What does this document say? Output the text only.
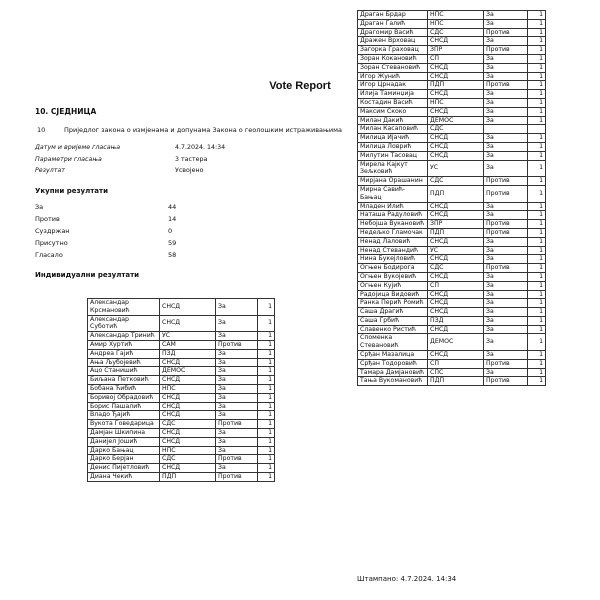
Vote Report
10. СЈЕДНИЦА
10	Приједлог закона о измјенама и допунама Закона о геолошким истраживањима
Датум и вријеме гласања	4.7.2024. 14:34
Параметри гласања	3 тастера
Резултат	Усвојено
Укупни резултати
За	44
Против	14
Суздржан	0
Присутно	59
Гласало	58
Индивидуални резултати
Александар Крсмановић	СНСД	За	1
Александар Суботић	СНСД	За	1
Александар Тринић	УС	За	1
Амир Хуртић	САМ	Против	1
Андреа Гајић	ПЗД	За	1
Ања Љубојевић	СНСД	За	1
Ацо Станишић	ДЕМОС	За	1
Биљана Петковић	СНСД	За	1
Бобана Ћибић	НПС	За	1
Боривој Обрадовић	СНСД	За	1
Борис Пашалић	СНСД	За	1
Владо Ђајић	СНСД	За	1
Вукота Говедарица	СДС	Против	1
Дамјан Шкипина	СНСД	За	1
Данијел Јошић	СНСД	За	1
Дарко Бањац	НПС	За	1
Дарко Берјан	СДС	Против	1
Денис Пијетловић	СНСД	За	1
Диана Чекић	ПДП	Против	1
Драган Брдар	НПС	За	1
Драган Галић	НПС	За	1
Драгомир Васић	СДС	Против	1
Дражен Врховац	СНСД	За	1
Загорка Граховац	ЗПР	Против	1
Зоран Кокановић	СП	За	1
Зоран Стевановић	СНСД	За	1
Игор Жунић	СНСД	За	1
Игор Црнадак	ПДП	Против	1
Илија Таминџија	СНСД	За	1
Костадин Васић	НПС	За	1
Максим Скоко	СНСД	За	1
Милан Дакић	ДЕМОС	За	1
Милан Касаповић	СДС		
Милица Ијачић	СНСД	За	1
Милица Ловрић	СНСД	За	1
Милутин Тасовац	СНСД	За	1
Мирела Кајкут Зељковић	УС	За	1
Мирјана Орашанин	СДС	Против	1
Мирна Савић-Бањац	ПДП	Против	1
Младен Илић	СНСД	За	1
Наташа Радуловић	СНСД	За	1
Небојша Вукановић	ЗПР	Против	1
Недељко Гламочак	ПДП	Против	1
Ненад Лаловић	СНСД	За	1
Ненад Стевандић	УС	За	1
Нина Букејловић	СНСД	За	1
Огњен Бодирога	СДС	Против	1
Огњен Вукојевић	СНСД	За	1
Огњен Кујић	СП	За	1
Радојица Видовић	СНСД	За	1
Ранка Перић Ромић	СНСД	За	1
Саша Драгић	СНСД	За	1
Саша Грбић	ПЗД	За	1
Славенко Ристић	СНСД	За	1
Споменка Стевановић	ДЕМОС	За	1
Срђан Мазалица	СНСД	За	1
Срђан Тодоровић	СП	Против	1
Тамара Дамјановић	СПС	За	1
Тања Вукомановић	ПДП	Против	1
Штампано: 4.7.2024. 14:34
